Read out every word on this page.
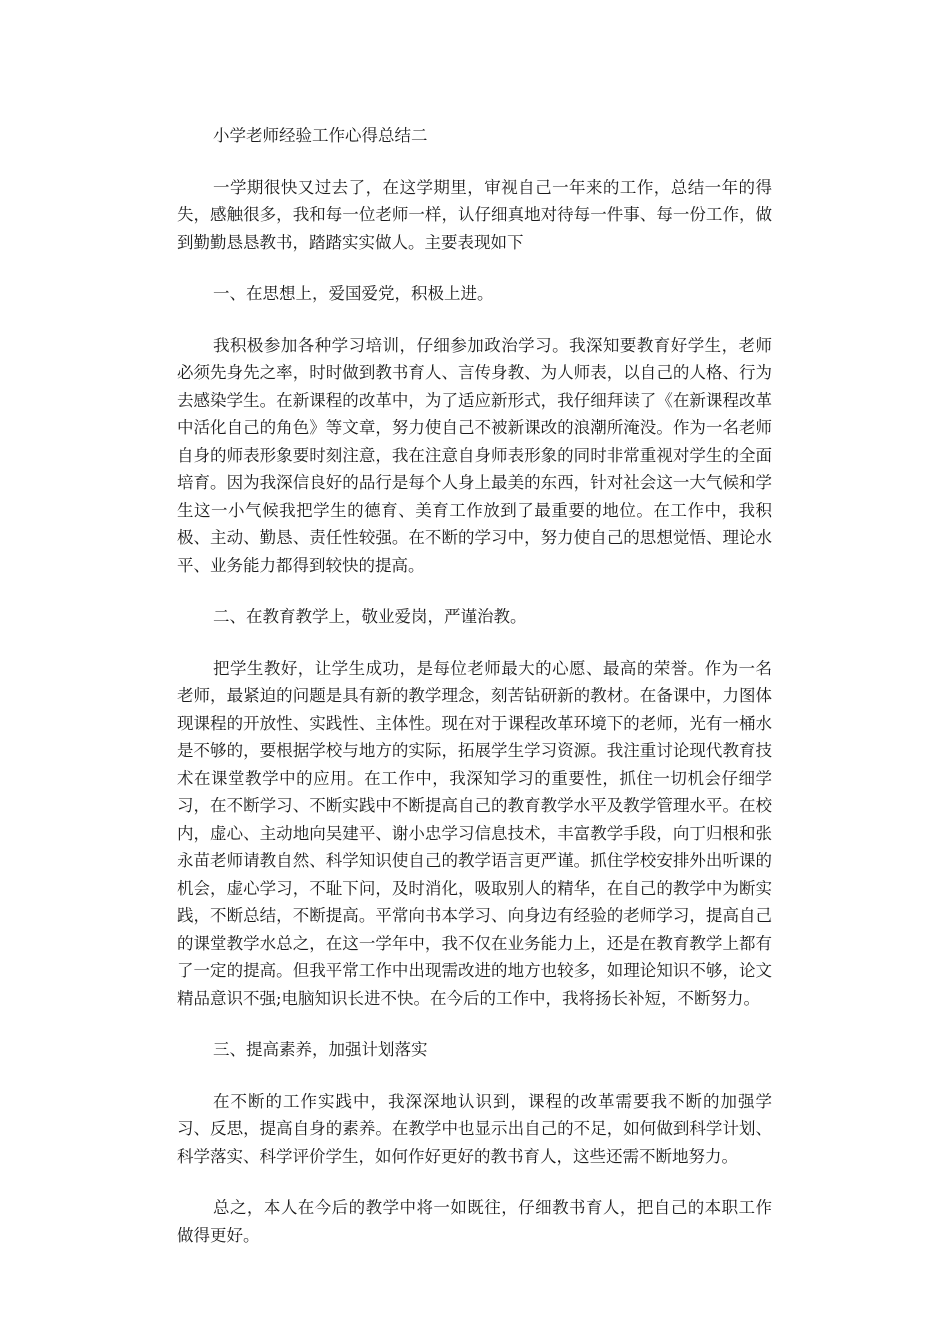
小学老师经验工作心得总结二

一学期很快又过去了，在这学期里，审视自己一年来的工作，总结一年的得失，感触很多，我和每一位老师一样，认仔细真地对待每一件事、每一份工作，做到勤勤恳恳教书，踏踏实实做人。主要表现如下

一、在思想上，爱国爱党，积极上进。

我积极参加各种学习培训，仔细参加政治学习。我深知要教育好学生，老师必须先身先之率，时时做到教书育人、言传身教、为人师表，以自己的人格、行为去感染学生。在新课程的改革中，为了适应新形式，我仔细拜读了《在新课程改革中活化自己的角色》等文章，努力使自己不被新课改的浪潮所淹没。作为一名老师自身的师表形象要时刻注意，我在注意自身师表形象的同时非常重视对学生的全面培育。因为我深信良好的品行是每个人身上最美的东西，针对社会这一大气候和学生这一小气候我把学生的德育、美育工作放到了最重要的地位。在工作中，我积极、主动、勤恳、责任性较强。在不断的学习中，努力使自己的思想觉悟、理论水平、业务能力都得到较快的提高。

二、在教育教学上，敬业爱岗，严谨治教。

把学生教好，让学生成功，是每位老师最大的心愿、最高的荣誉。作为一名老师，最紧迫的问题是具有新的教学理念，刻苦钻研新的教材。在备课中，力图体现课程的开放性、实践性、主体性。现在对于课程改革环境下的老师，光有一桶水是不够的，要根据学校与地方的实际，拓展学生学习资源。我注重讨论现代教育技术在课堂教学中的应用。在工作中，我深知学习的重要性，抓住一切机会仔细学习，在不断学习、不断实践中不断提高自己的教育教学水平及教学管理水平。在校内，虚心、主动地向吴建平、谢小忠学习信息技术，丰富教学手段，向丁归根和张永苗老师请教自然、科学知识使自己的教学语言更严谨。抓住学校安排外出听课的机会，虚心学习，不耻下问，及时消化，吸取别人的精华，在自己的教学中为断实践，不断总结，不断提高。平常向书本学习、向身边有经验的老师学习，提高自己的课堂教学水总之，在这一学年中，我不仅在业务能力上，还是在教育教学上都有了一定的提高。但我平常工作中出现需改进的地方也较多，如理论知识不够，论文精品意识不强;电脑知识长进不快。在今后的工作中，我将扬长补短，不断努力。

三、提高素养，加强计划落实

在不断的工作实践中，我深深地认识到，课程的改革需要我不断的加强学习、反思，提高自身的素养。在教学中也显示出自己的不足，如何做到科学计划、科学落实、科学评价学生，如何作好更好的教书育人，这些还需不断地努力。

总之，本人在今后的教学中将一如既往，仔细教书育人，把自己的本职工作做得更好。
